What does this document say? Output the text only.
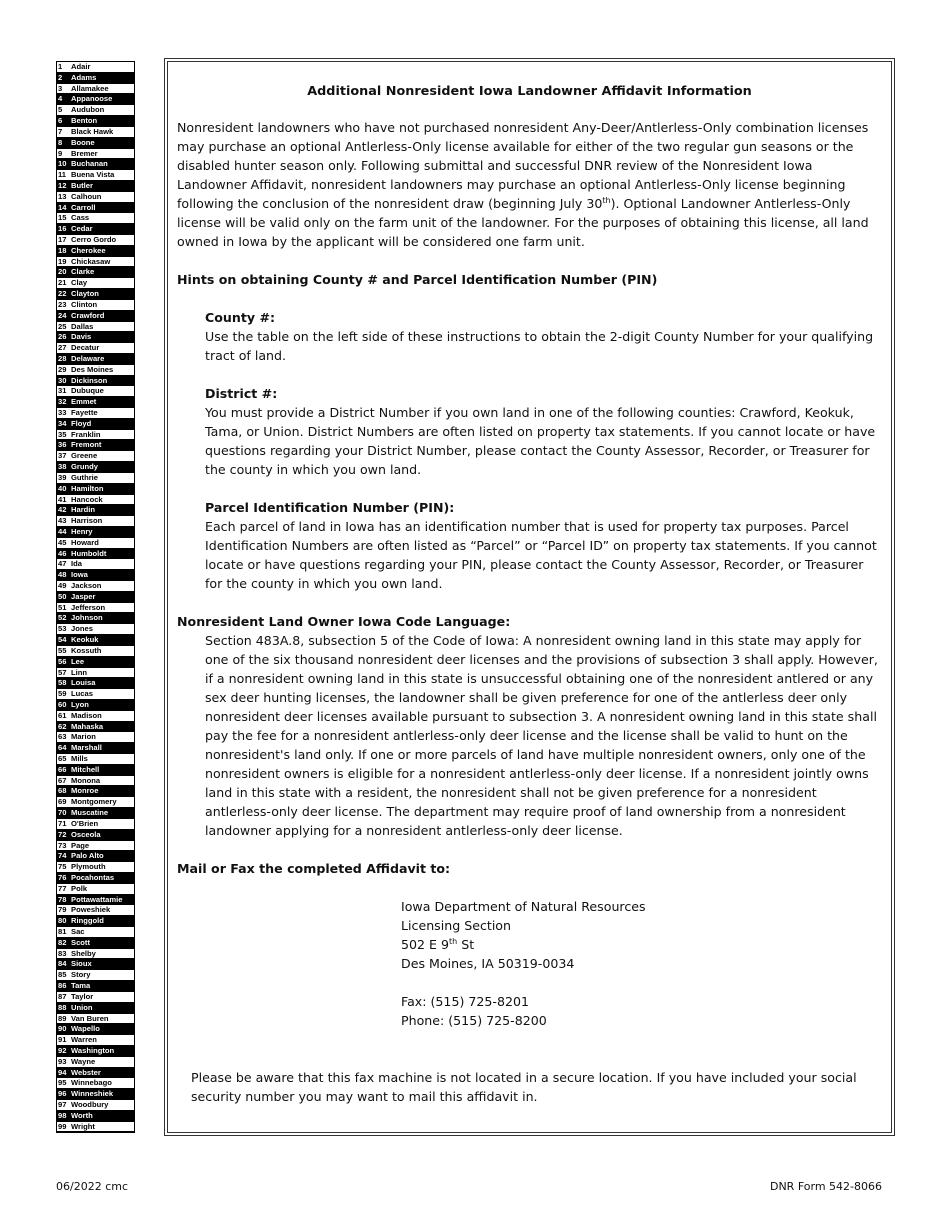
1 Adair
2 Adams
3 Allamakee
4 Appanoose
5 Audubon
6 Benton
7 Black Hawk
8 Boone
9 Bremer
10 Buchanan
11 Buena Vista
12 Butler
13 Calhoun
14 Carroll
15 Cass
16 Cedar
17 Cerro Gordo
18 Cherokee
19 Chickasaw
20 Clarke
21 Clay
22 Clayton
23 Clinton
24 Crawford
25 Dallas
26 Davis
27 Decatur
28 Delaware
29 Des Moines
30 Dickinson
31 Dubuque
32 Emmet
33 Fayette
34 Floyd
35 Franklin
36 Fremont
37 Greene
38 Grundy
39 Guthrie
40 Hamilton
41 Hancock
42 Hardin
43 Harrison
44 Henry
45 Howard
46 Humboldt
47 Ida
48 Iowa
49 Jackson
50 Jasper
51 Jefferson
52 Johnson
53 Jones
54 Keokuk
55 Kossuth
56 Lee
57 Linn
58 Louisa
59 Lucas
60 Lyon
61 Madison
62 Mahaska
63 Marion
64 Marshall
65 Mills
66 Mitchell
67 Monona
68 Monroe
69 Montgomery
70 Muscatine
71 O'Brien
72 Osceola
73 Page
74 Palo Alto
75 Plymouth
76 Pocahontas
77 Polk
78 Pottawattamie
79 Poweshiek
80 Ringgold
81 Sac
82 Scott
83 Shelby
84 Sioux
85 Story
86 Tama
87 Taylor
88 Union
89 Van Buren
90 Wapello
91 Warren
92 Washington
93 Wayne
94 Webster
95 Winnebago
96 Winneshiek
97 Woodbury
98 Worth
99 Wright
Additional Nonresident Iowa Landowner Affidavit Information

Nonresident landowners who have not purchased nonresident Any-Deer/Antlerless-Only combination licenses may purchase an optional Antlerless-Only license available for either of the two regular gun seasons or the disabled hunter season only. Following submittal and successful DNR review of the Nonresident Iowa Landowner Affidavit, nonresident landowners may purchase an optional Antlerless-Only license beginning following the conclusion of the nonresident draw (beginning July 30th). Optional Landowner Antlerless-Only license will be valid only on the farm unit of the landowner. For the purposes of obtaining this license, all land owned in Iowa by the applicant will be considered one farm unit.

Hints on obtaining County # and Parcel Identification Number (PIN)

County #:

Use the table on the left side of these instructions to obtain the 2-digit County Number for your qualifying tract of land.

District #:

You must provide a District Number if you own land in one of the following counties: Crawford, Keokuk, Tama, or Union. District Numbers are often listed on property tax statements. If you cannot locate or have questions regarding your District Number, please contact the County Assessor, Recorder, or Treasurer for the county in which you own land.

Parcel Identification Number (PIN):

Each parcel of land in Iowa has an identification number that is used for property tax purposes. Parcel Identification Numbers are often listed as “Parcel” or “Parcel ID” on property tax statements. If you cannot locate or have questions regarding your PIN, please contact the County Assessor, Recorder, or Treasurer for the county in which you own land.

Nonresident Land Owner Iowa Code Language:

Section 483A.8, subsection 5 of the Code of Iowa: A nonresident owning land in this state may apply for one of the six thousand nonresident deer licenses and the provisions of subsection 3 shall apply. However, if a nonresident owning land in this state is unsuccessful obtaining one of the nonresident antlered or any sex deer hunting licenses, the landowner shall be given preference for one of the antlerless deer only nonresident deer licenses available pursuant to subsection 3. A nonresident owning land in this state shall pay the fee for a nonresident antlerless-only deer license and the license shall be valid to hunt on the nonresident's land only. If one or more parcels of land have multiple nonresident owners, only one of the nonresident owners is eligible for a nonresident antlerless-only deer license. If a nonresident jointly owns land in this state with a resident, the nonresident shall not be given preference for a nonresident antlerless-only deer license. The department may require proof of land ownership from a nonresident landowner applying for a nonresident antlerless-only deer license.

Mail or Fax the completed Affidavit to:

Iowa Department of Natural Resources

Licensing Section

502 E 9th St

Des Moines, IA 50319-0034

Fax: (515) 725-8201

Phone: (515) 725-8200

Please be aware that this fax machine is not located in a secure location. If you have included your social security number you may want to mail this affidavit in.

06/2022 cmc	DNR Form 542-8066
